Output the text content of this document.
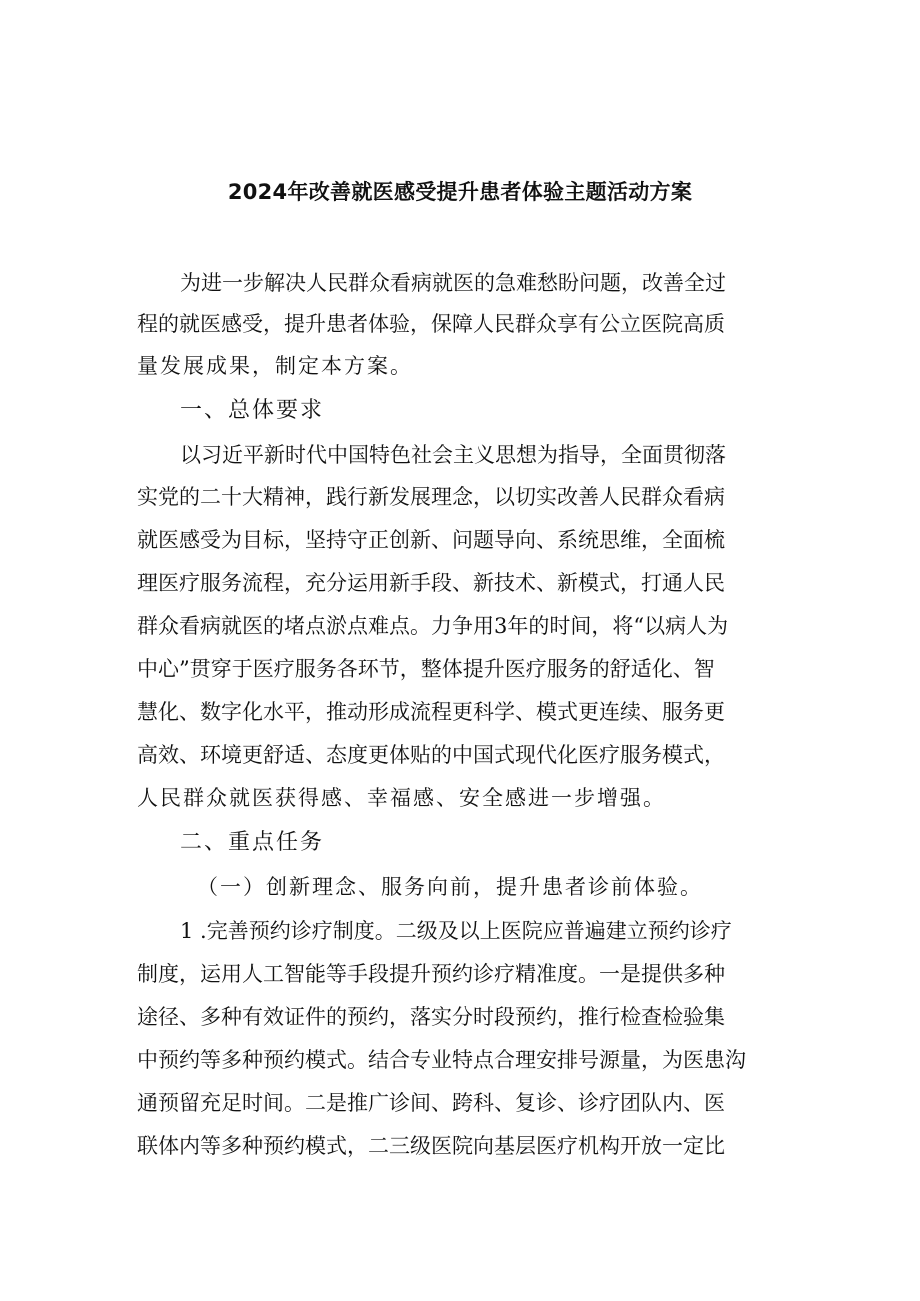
2024年改善就医感受提升患者体验主题活动方案

为进一步解决人民群众看病就医的急难愁盼问题，改善全过

程的就医感受，提升患者体验，保障人民群众享有公立医院高质

量发展成果，制定本方案。

一、总体要求

以习近平新时代中国特色社会主义思想为指导，全面贯彻落

实党的二十大精神，践行新发展理念，以切实改善人民群众看病

就医感受为目标，坚持守正创新、问题导向、系统思维，全面梳

理医疗服务流程，充分运用新手段、新技术、新模式，打通人民

群众看病就医的堵点淤点难点。力争用3年的时间，将“以病人为

中心”贯穿于医疗服务各环节，整体提升医疗服务的舒适化、智

慧化、数字化水平，推动形成流程更科学、模式更连续、服务更

高效、环境更舒适、态度更体贴的中国式现代化医疗服务模式，

人民群众就医获得感、幸福感、安全感进一步增强。

二、重点任务

（一）创新理念、服务向前，提升患者诊前体验。

1 .完善预约诊疗制度。二级及以上医院应普遍建立预约诊疗

制度，运用人工智能等手段提升预约诊疗精准度。一是提供多种

途径、多种有效证件的预约，落实分时段预约，推行检查检验集

中预约等多种预约模式。结合专业特点合理安排号源量，为医患沟

通预留充足时间。二是推广诊间、跨科、复诊、诊疗团队内、医

联体内等多种预约模式，二三级医院向基层医疗机构开放一定比
